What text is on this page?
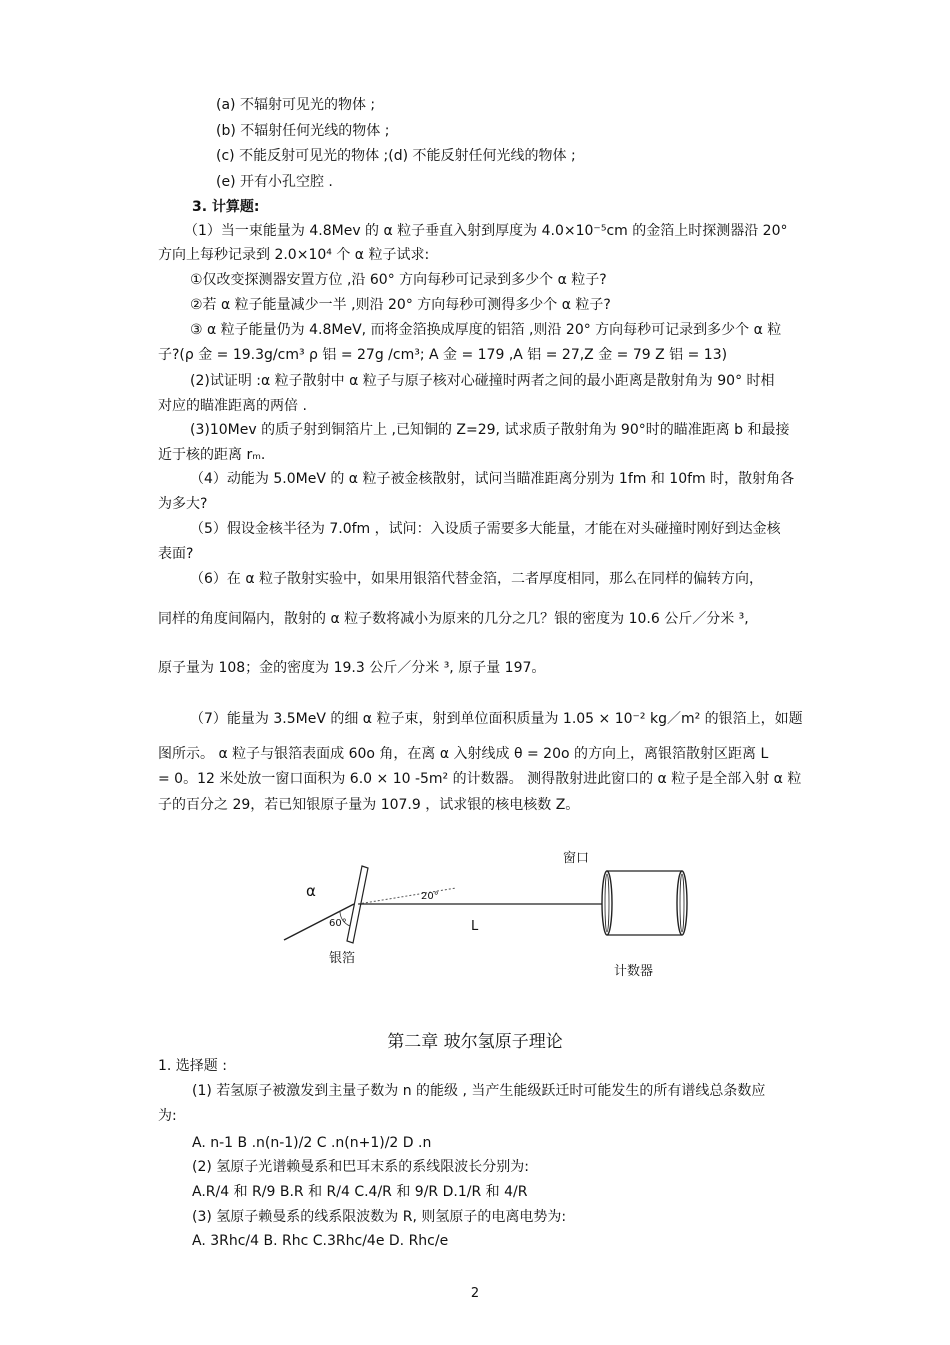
(a) 不辐射可见光的物体 ;
(b) 不辐射任何光线的物体 ;
(c) 不能反射可见光的物体 ;(d) 不能反射任何光线的物体 ;
(e) 开有小孔空腔 .
3. 计算题:
（1）当一束能量为 4.8Mev 的 α 粒子垂直入射到厚度为 4.0×10⁻⁵cm 的金箔上时探测器沿 20°
方向上每秒记录到 2.0×10⁴ 个 α 粒子试求:
①仅改变探测器安置方位 ,沿 60° 方向每秒可记录到多少个 α 粒子?
②若 α 粒子能量减少一半 ,则沿 20° 方向每秒可测得多少个 α 粒子?
③ α 粒子能量仍为 4.8MeV, 而将金箔换成厚度的铝箔 ,则沿 20° 方向每秒可记录到多少个 α 粒
子?(ρ 金 = 19.3g/cm³ ρ 铝 = 27g /cm³; A 金 = 179 ,A 铝 = 27,Z 金 = 79 Z 铝 = 13)
(2)试证明 :α 粒子散射中 α 粒子与原子核对心碰撞时两者之间的最小距离是散射角为 90° 时相
对应的瞄准距离的两倍 .
(3)10Mev 的质子射到铜箔片上 ,已知铜的 Z=29, 试求质子散射角为 90°时的瞄准距离 b 和最接
近于核的距离 rₘ.
（4）动能为 5.0MeV 的 α 粒子被金核散射，试问当瞄准距离分别为 1fm 和 10fm 时，散射角各
为多大?
（5）假设金核半径为 7.0fm ，试问：入设质子需要多大能量，才能在对头碰撞时刚好到达金核
表面?
（6）在 α 粒子散射实验中，如果用银箔代替金箔，二者厚度相同，那么在同样的偏转方向，
同样的角度间隔内，散射的 α 粒子数将减小为原来的几分之几？银的密度为 10.6 公斤／分米 ³,
原子量为 108；金的密度为 19.3 公斤／分米 ³, 原子量 197。
（7）能量为 3.5MeV 的细 α 粒子束，射到单位面积质量为 1.05 × 10⁻² kg／m² 的银箔上，如题
图所示。 α 粒子与银箔表面成 60o 角，在离 α 入射线成 θ = 20o 的方向上，离银箔散射区距离 L
= 0。12 米处放一窗口面积为 6.0 × 10 -5m² 的计数器。 测得散射进此窗口的 α 粒子是全部入射 α 粒
子的百分之 29，若已知银原子量为 107.9 ，试求银的核电核数 Z。
α
60°
20°
L
窗口
银箔
计数器
第二章 玻尔氢原子理论
1. 选择题 :
(1) 若氢原子被激发到主量子数为 n 的能级 , 当产生能级跃迁时可能发生的所有谱线总条数应
为:
A. n-1 B .n(n-1)/2 C .n(n+1)/2 D .n
(2) 氢原子光谱赖曼系和巴耳末系的系线限波长分别为:
A.R/4 和 R/9 B.R 和 R/4 C.4/R 和 9/R D.1/R 和 4/R
(3) 氢原子赖曼系的线系限波数为 R, 则氢原子的电离电势为:
A. 3Rhc/4 B. Rhc C.3Rhc/4e D. Rhc/e
2
